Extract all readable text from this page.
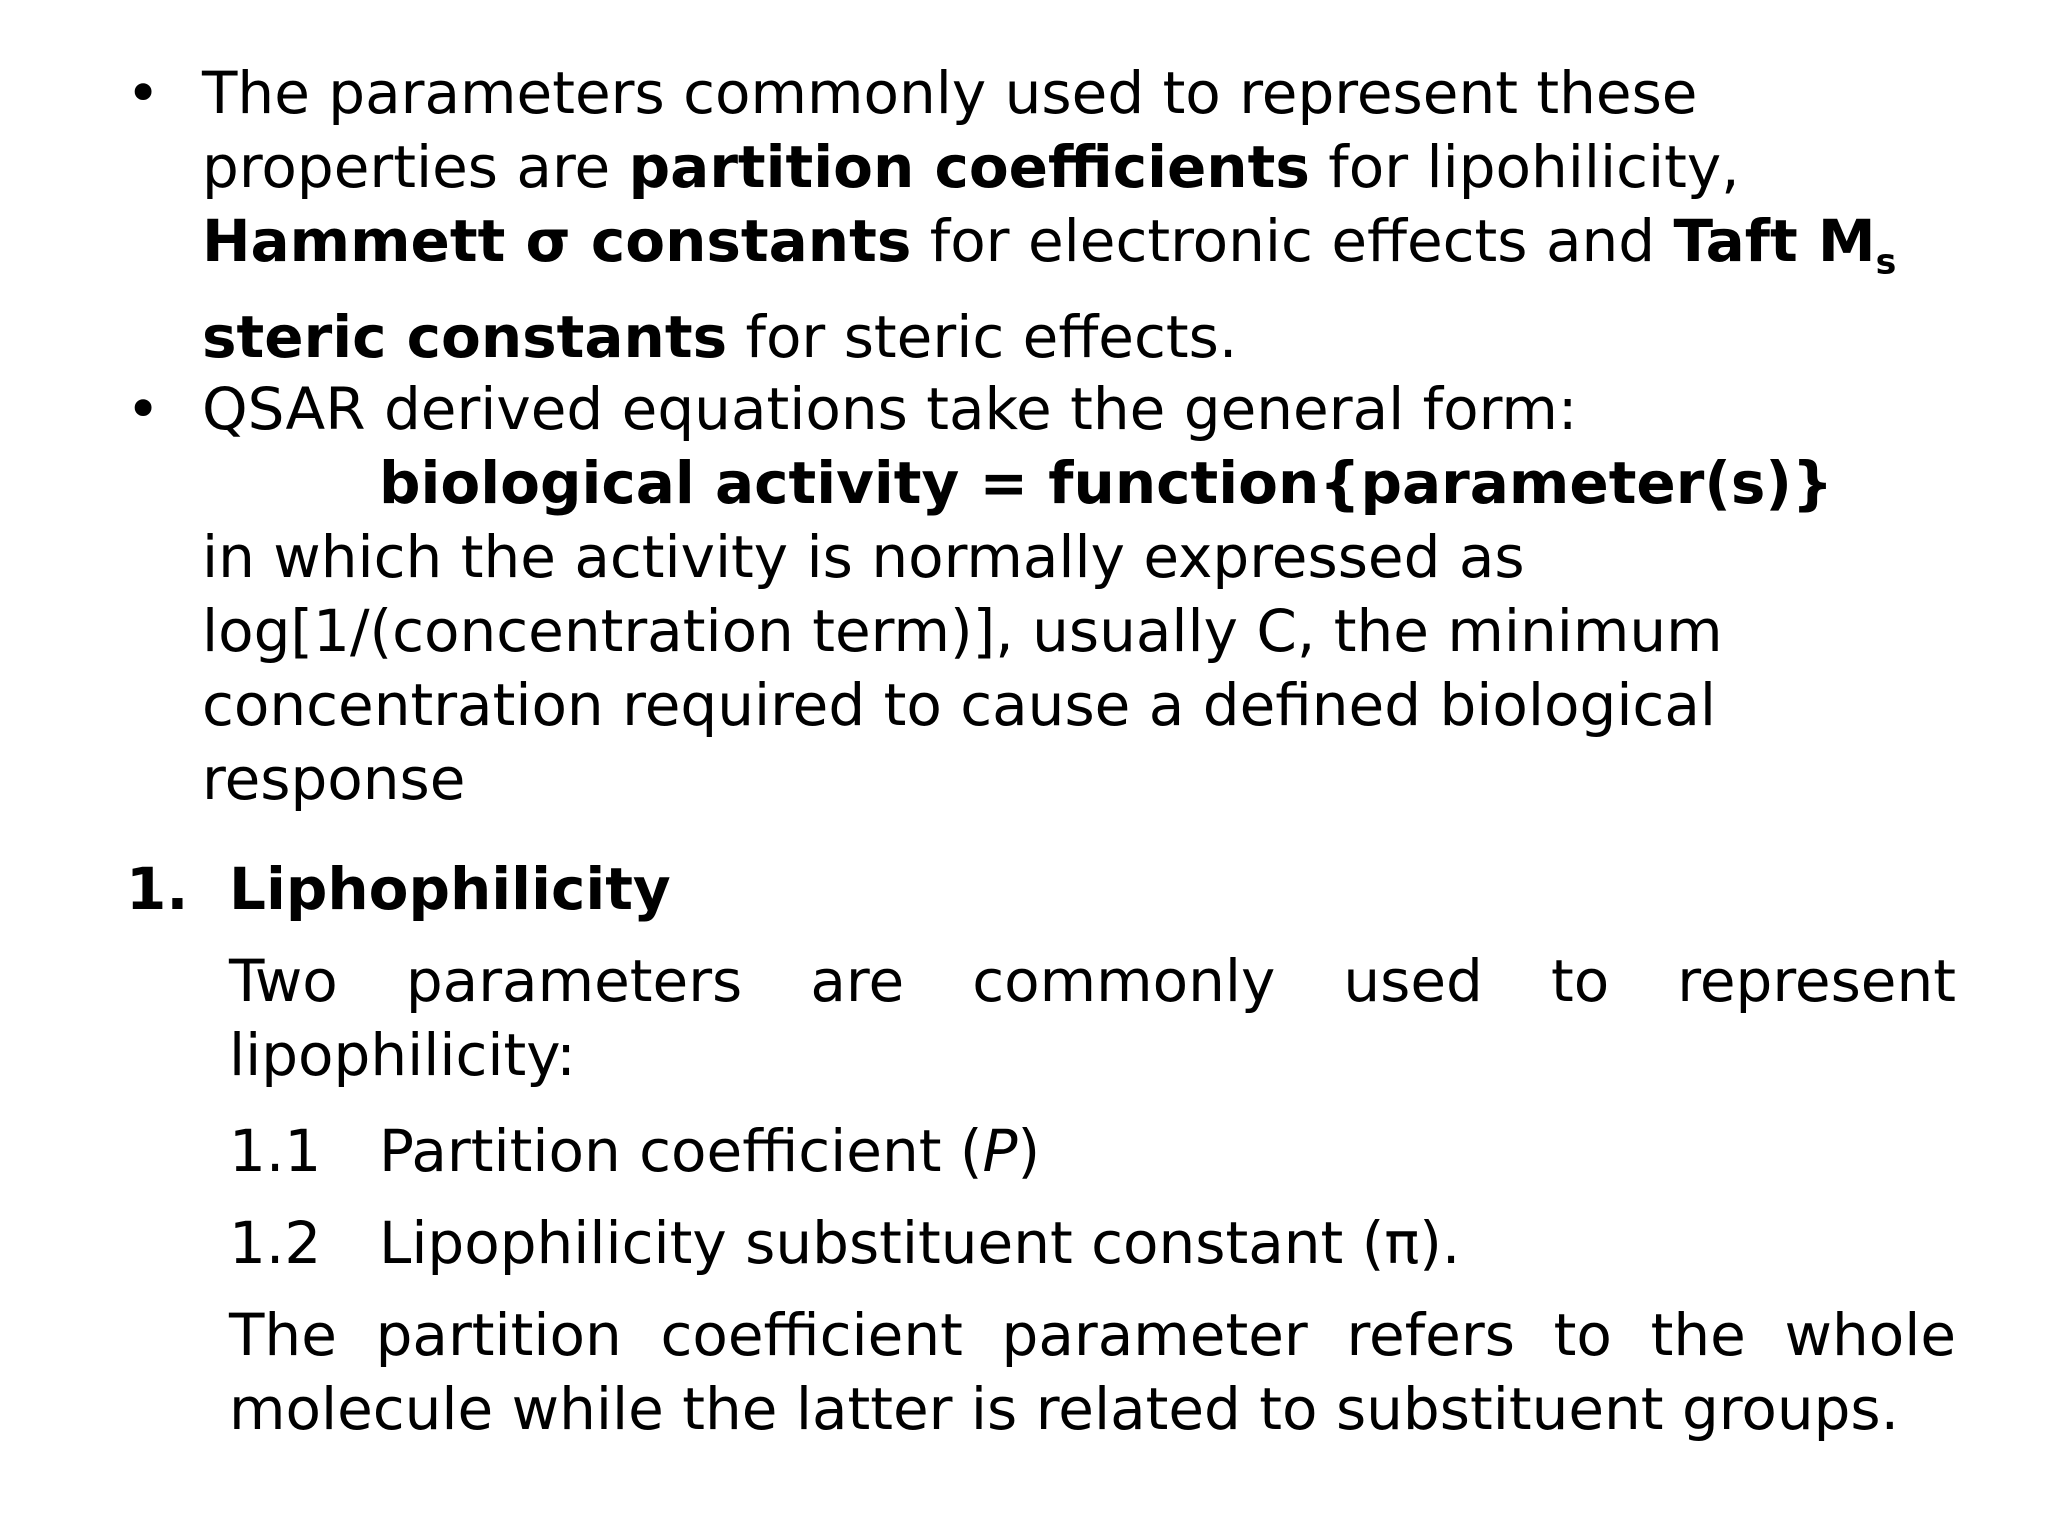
• The parameters commonly used to represent these properties are partition coefficients for lipohilicity, Hammett σ constants for electronic effects and Taft $M_s$ steric constants for steric effects.
• QSAR derived equations take the general form:
biological activity = function{parameter(s)}
in which the activity is normally expressed as log[1/(concentration term)], usually C, the minimum concentration required to cause a defined biological response
1. Liphophilicity
Two parameters are commonly used to represent lipophilicity:
1.1 Partition coefficient (P)
1.2 Lipophilicity substituent constant (π).
The partition coefficient parameter refers to the whole molecule while the latter is related to substituent groups.
